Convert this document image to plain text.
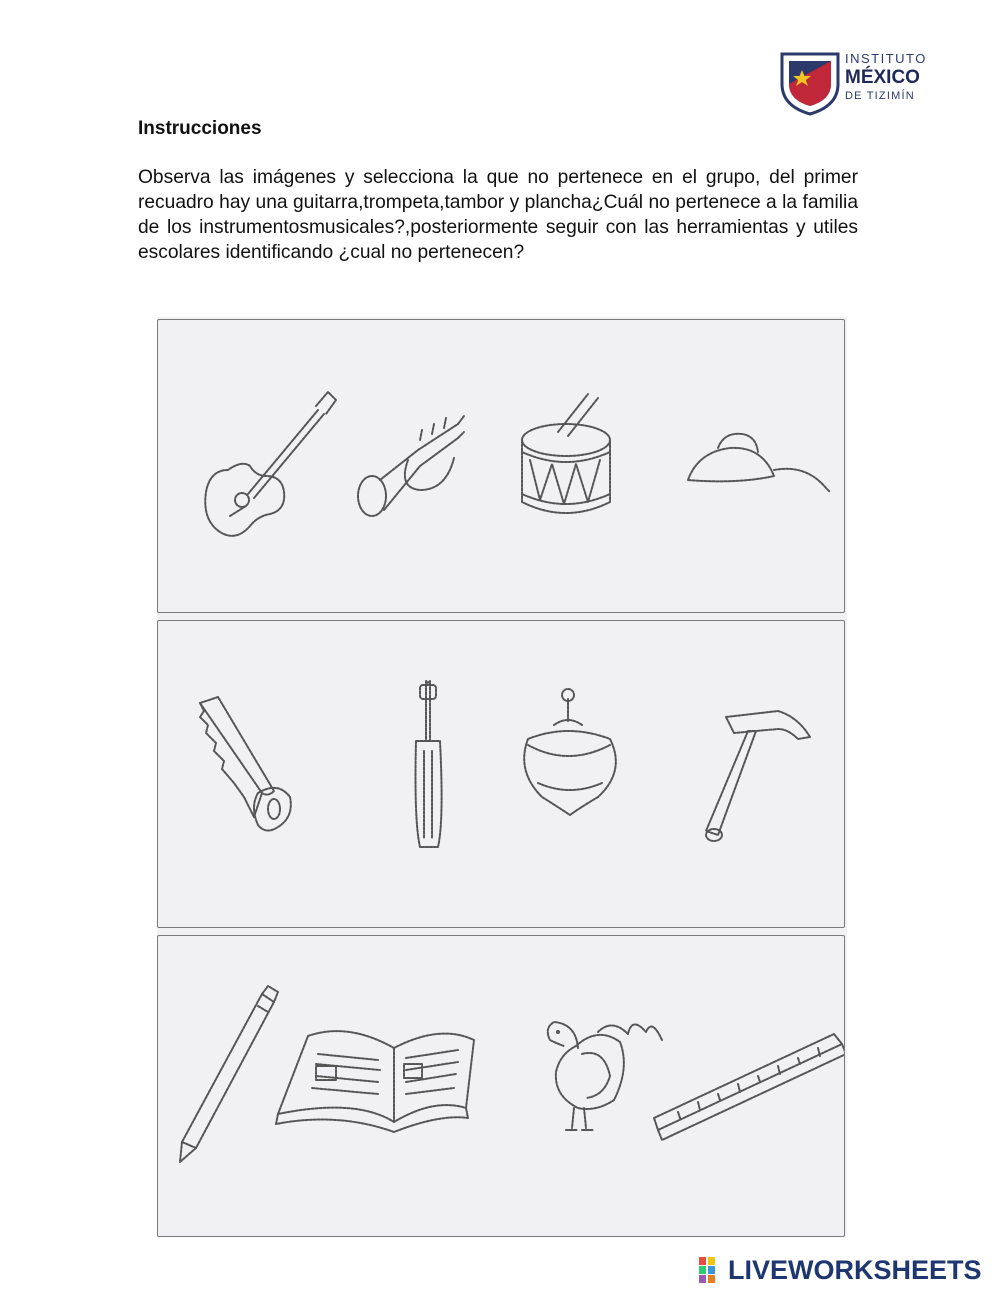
INSTITUTO
MÉXICO
DE TIZIMÍN
Instrucciones

Observa las imágenes y selecciona la que no pertenece en el grupo, del primer recuadro hay una guitarra,trompeta,tambor y plancha¿Cuál no pertenece a la familia de los instrumentosmusicales?,posteriormente seguir con las herramientas y utiles escolares identificando ¿cual no pertenecen?

LIVEWORKSHEETS
